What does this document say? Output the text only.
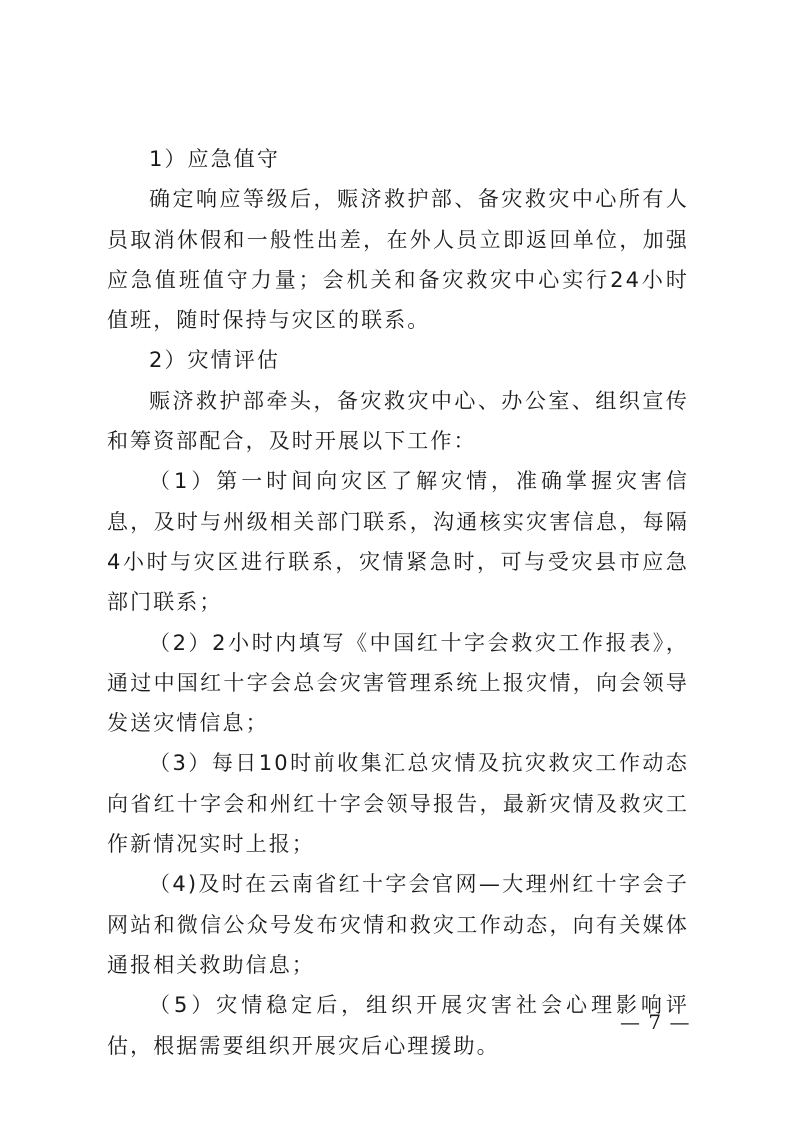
1）应急值守

确定响应等级后，赈济救护部、备灾救灾中心所有人员取消休假和一般性出差，在外人员立即返回单位，加强应急值班值守力量；会机关和备灾救灾中心实行24小时值班，随时保持与灾区的联系。

2）灾情评估

赈济救护部牵头，备灾救灾中心、办公室、组织宣传和筹资部配合，及时开展以下工作：

（1）第一时间向灾区了解灾情，准确掌握灾害信息，及时与州级相关部门联系，沟通核实灾害信息，每隔4小时与灾区进行联系，灾情紧急时，可与受灾县市应急部门联系；

（2）2小时内填写《中国红十字会救灾工作报表》，通过中国红十字会总会灾害管理系统上报灾情，向会领导发送灾情信息；

（3）每日10时前收集汇总灾情及抗灾救灾工作动态向省红十字会和州红十字会领导报告，最新灾情及救灾工作新情况实时上报；

（4)及时在云南省红十字会官网—大理州红十字会子网站和微信公众号发布灾情和救灾工作动态，向有关媒体通报相关救助信息；

（5）灾情稳定后，组织开展灾害社会心理影响评估，根据需要组织开展灾后心理援助。

— 7 —
